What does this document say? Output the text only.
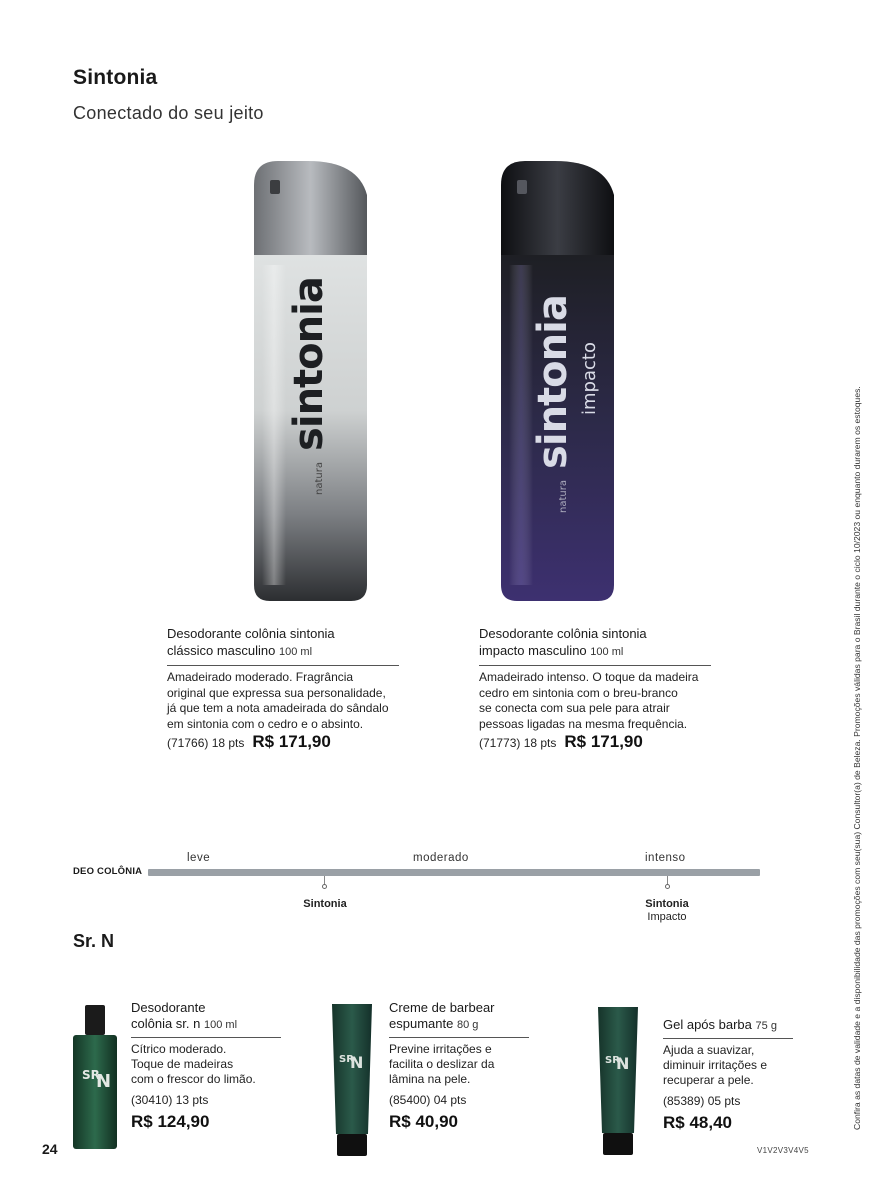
Sintonia
Conectado do seu jeito
natura sintonia
natura sintonia impacto
Desodorante colônia sintonia
clássico masculino 100 ml
Amadeirado moderado. Fragrância
original que expressa sua personalidade,
já que tem a nota amadeirada do sândalo
em sintonia com o cedro e o absinto.
(71766) 18 pts R$ 171,90
Desodorante colônia sintonia
impacto masculino 100 ml
Amadeirado intenso. O toque da madeira
cedro em sintonia com o breu-branco
se conecta com sua pele para atrair
pessoas ligadas na mesma frequência.
(71773) 18 pts R$ 171,90
DEO COLÔNIA
leve	moderado	intenso
Sintonia	Sintonia
Impacto
Sr. N
SR
N
SR
N	SR
N
Desodorante
colônia sr. n 100 ml
Cítrico moderado.
Toque de madeiras
com o frescor do limão.
(30410) 13 pts
R$ 124,90
Creme de barbear
espumante 80 g
Previne irritações e
facilita o deslizar da
lâmina na pele.
(85400) 04 pts
R$ 40,90
Gel após barba 75 g
Ajuda a suavizar,
diminuir irritações e
recuperar a pele.
(85389) 05 pts
R$ 48,40
24	V1V2V3V4V5
Confira as datas de validade e a disponibilidade das promoções com seu(sua) Consultor(a) de Beleza. Promoções válidas para o Brasil durante o ciclo 10/2023 ou enquanto durarem os estoques.
